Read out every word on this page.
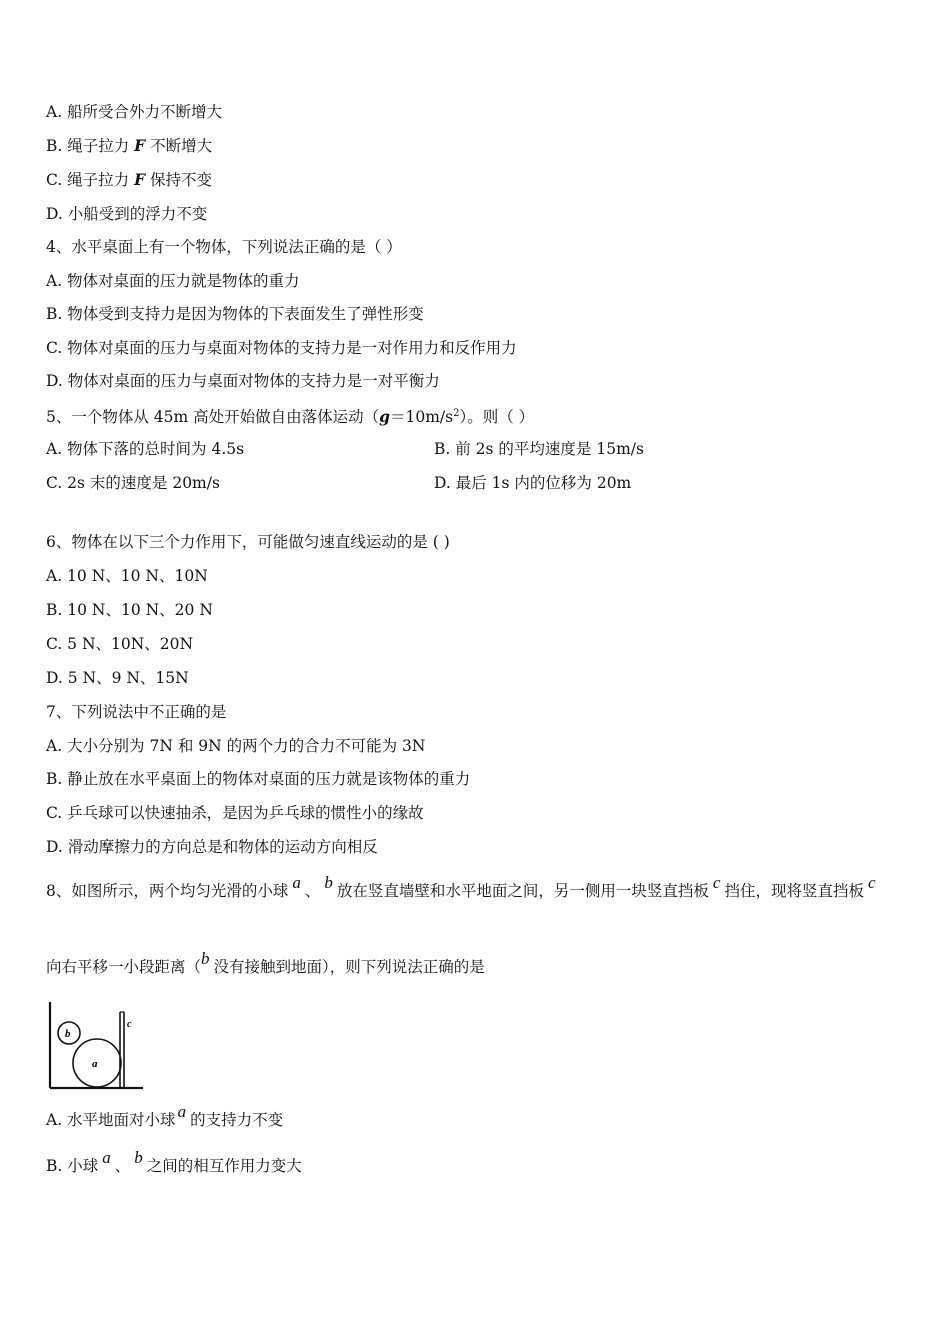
A. 船所受合外力不断增大
B. 绳子拉力 F 不断增大
C. 绳子拉力 F 保持不变
D. 小船受到的浮力不变
4、水平桌面上有一个物体，下列说法正确的是（ ）
A. 物体对桌面的压力就是物体的重力
B. 物体受到支持力是因为物体的下表面发生了弹性形变
C. 物体对桌面的压力与桌面对物体的支持力是一对作用力和反作用力
D. 物体对桌面的压力与桌面对物体的支持力是一对平衡力
5、一个物体从 45m 高处开始做自由落体运动$(g=10m/s^2)$。则（ ）
A. 物体下落的总时间为 4.5s	B. 前 2s 的平均速度是 15m/s
C. 2s 末的速度是 20m/s	D. 最后 1s 内的位移为 20m
6、物体在以下三个力作用下，可能做匀速直线运动的是 ( )
A. 10 N、10 N、10N
B. 10 N、10 N、20 N
C. 5 N、10N、20N
D. 5 N、9 N、15N
7、下列说法中不正确的是
A. 大小分别为 7N 和 9N 的两个力的合力不可能为 3N
B. 静止放在水平桌面上的物体对桌面的压力就是该物体的重力
C. 乒乓球可以快速抽杀，是因为乒乓球的惯性小的缘故
D. 滑动摩擦力的方向总是和物体的运动方向相反
8、如图所示，两个均匀光滑的小球 a 、 b 放在竖直墙壁和水平地面之间，另一侧用一块竖直挡板 c 挡住，现将竖直挡板 c
向右平移一小段距离（b 没有接触到地面），则下列说法正确的是
a
b
c
A. 水平地面对小球 a 的支持力不变
B. 小球 a 、 b 之间的相互作用力变大
